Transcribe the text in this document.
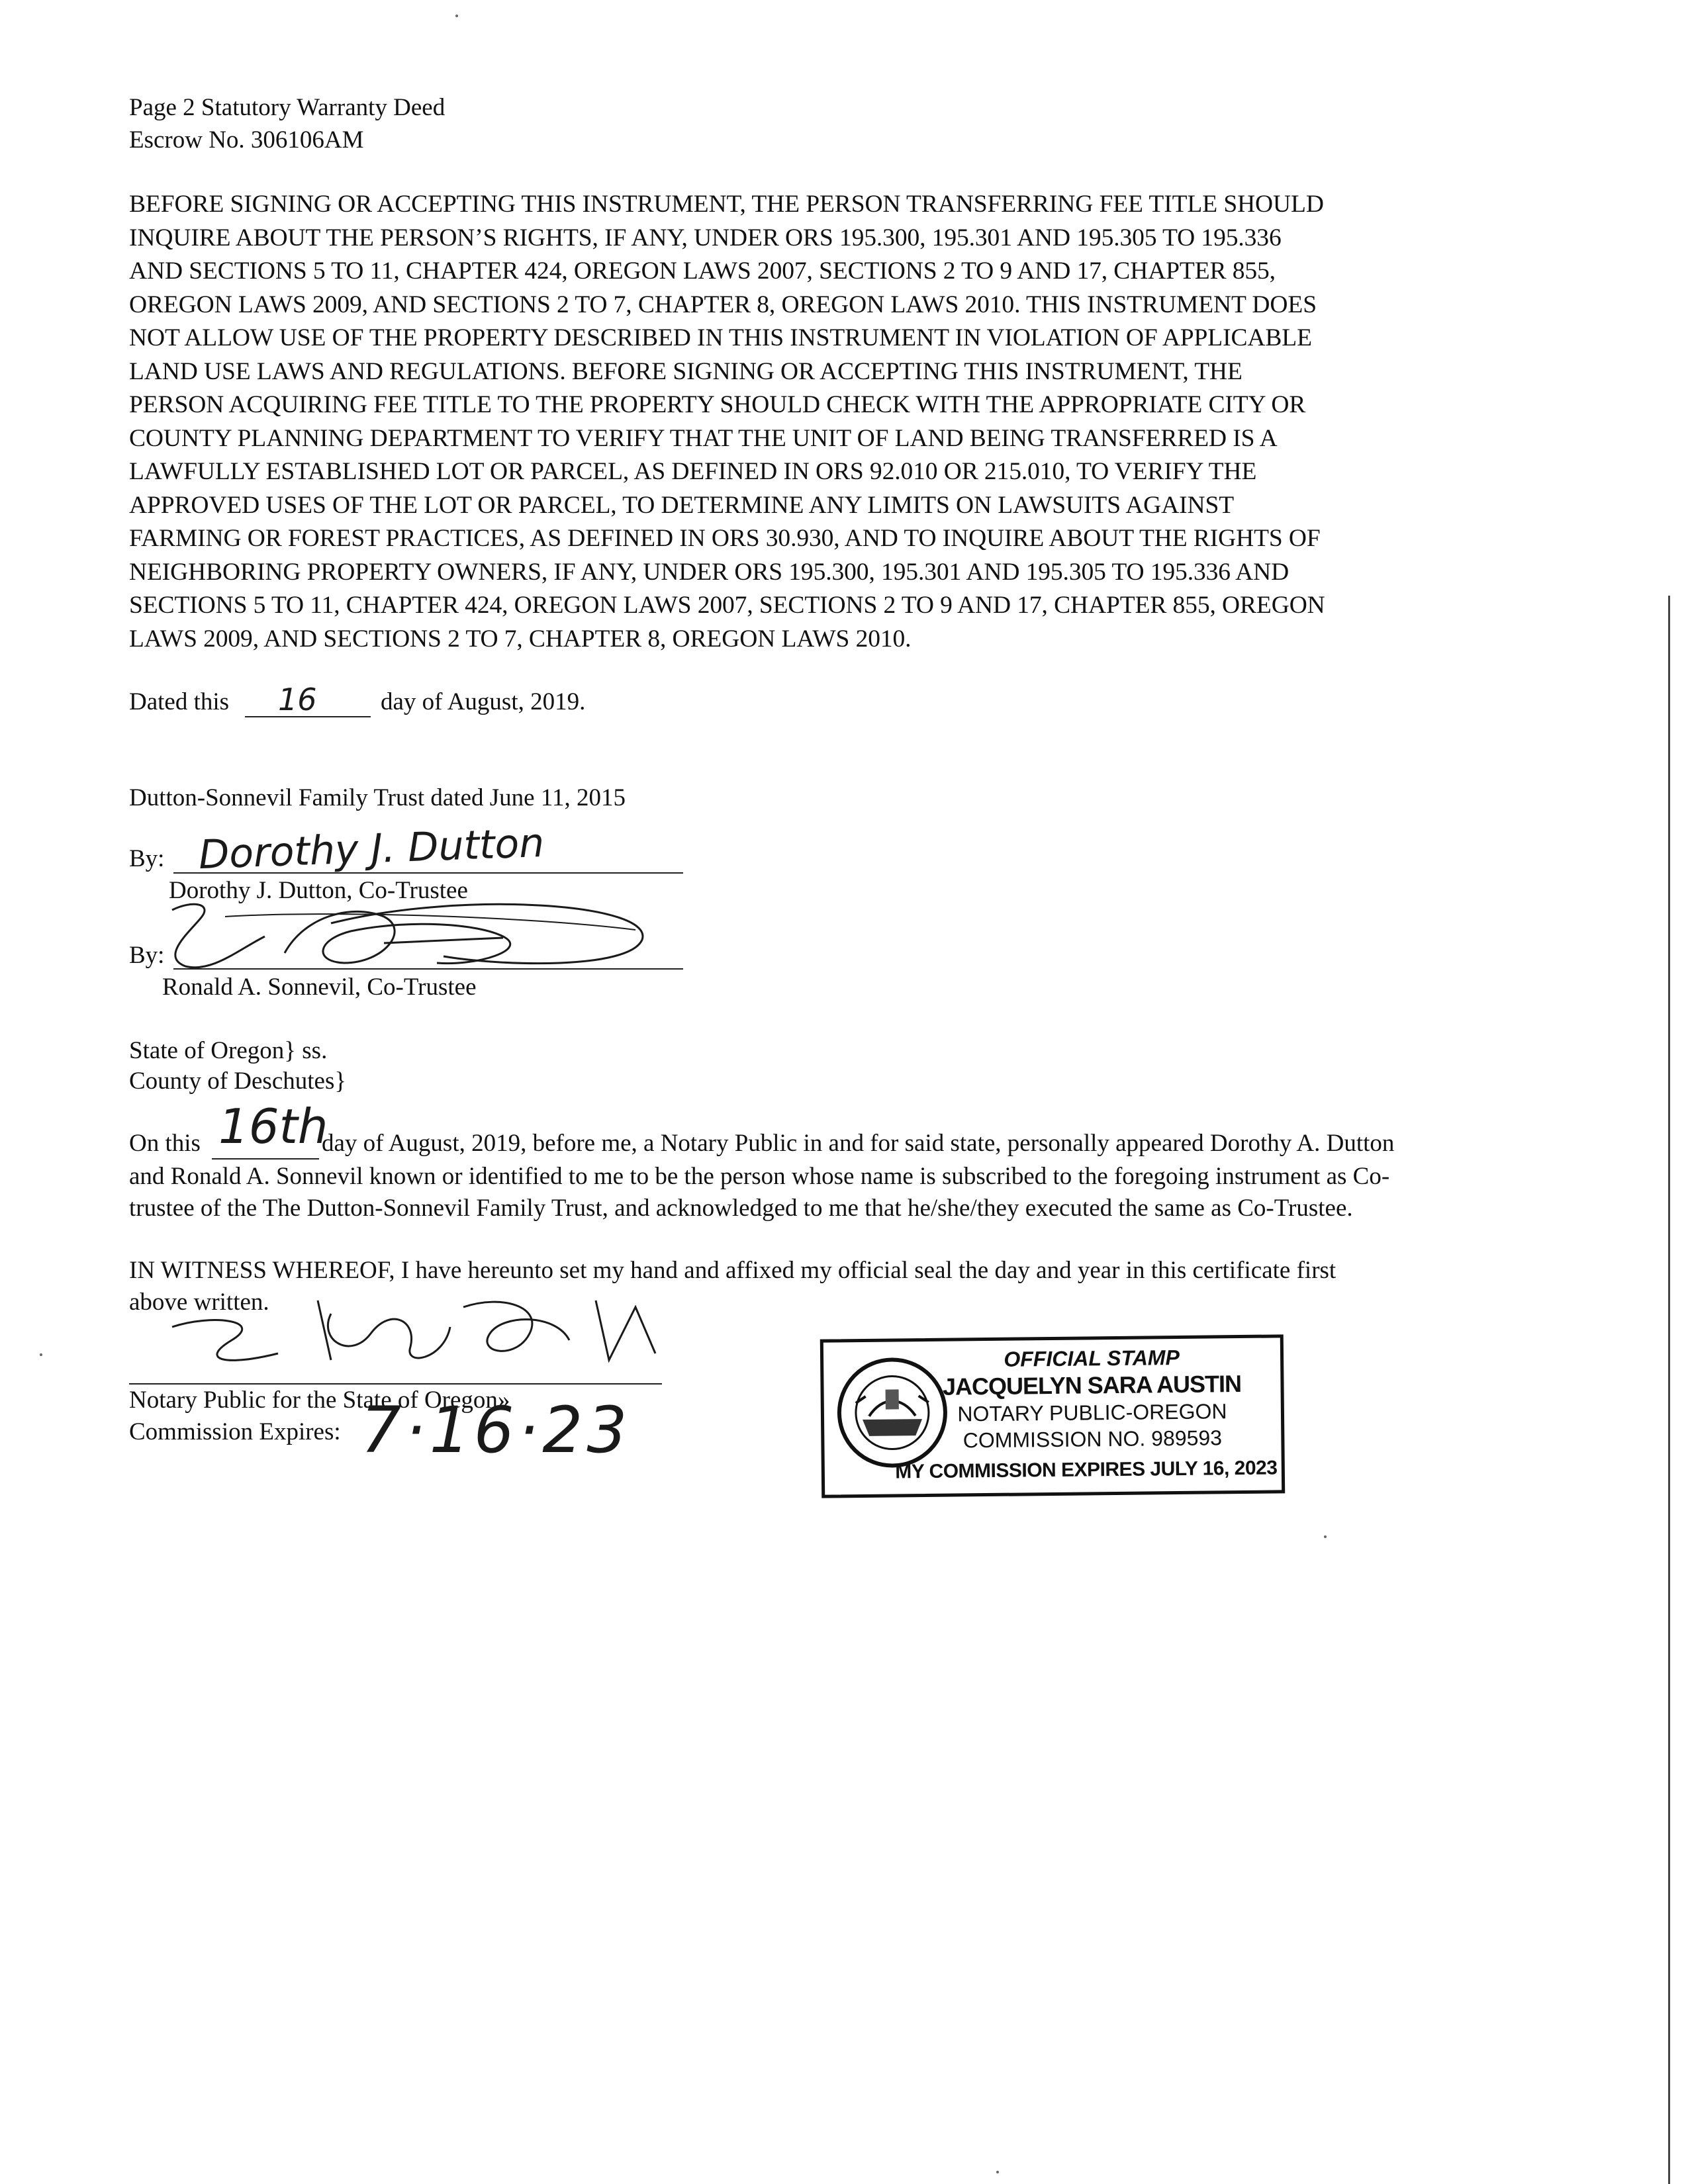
Page 2 Statutory Warranty Deed
Escrow No. 306106AM
BEFORE SIGNING OR ACCEPTING THIS INSTRUMENT, THE PERSON TRANSFERRING FEE TITLE SHOULD
INQUIRE ABOUT THE PERSON’S RIGHTS, IF ANY, UNDER ORS 195.300, 195.301 AND 195.305 TO 195.336
AND SECTIONS 5 TO 11, CHAPTER 424, OREGON LAWS 2007, SECTIONS 2 TO 9 AND 17, CHAPTER 855,
OREGON LAWS 2009, AND SECTIONS 2 TO 7, CHAPTER 8, OREGON LAWS 2010. THIS INSTRUMENT DOES
NOT ALLOW USE OF THE PROPERTY DESCRIBED IN THIS INSTRUMENT IN VIOLATION OF APPLICABLE
LAND USE LAWS AND REGULATIONS. BEFORE SIGNING OR ACCEPTING THIS INSTRUMENT, THE
PERSON ACQUIRING FEE TITLE TO THE PROPERTY SHOULD CHECK WITH THE APPROPRIATE CITY OR
COUNTY PLANNING DEPARTMENT TO VERIFY THAT THE UNIT OF LAND BEING TRANSFERRED IS A
LAWFULLY ESTABLISHED LOT OR PARCEL, AS DEFINED IN ORS 92.010 OR 215.010, TO VERIFY THE
APPROVED USES OF THE LOT OR PARCEL, TO DETERMINE ANY LIMITS ON LAWSUITS AGAINST
FARMING OR FOREST PRACTICES, AS DEFINED IN ORS 30.930, AND TO INQUIRE ABOUT THE RIGHTS OF
NEIGHBORING PROPERTY OWNERS, IF ANY, UNDER ORS 195.300, 195.301 AND 195.305 TO 195.336 AND
SECTIONS 5 TO 11, CHAPTER 424, OREGON LAWS 2007, SECTIONS 2 TO 9 AND 17, CHAPTER 855, OREGON
LAWS 2009, AND SECTIONS 2 TO 7, CHAPTER 8, OREGON LAWS 2010.
Dated this 16	day of August, 2019.
Dutton-Sonnevil Family Trust dated June 11, 2015
By: Dorothy J. Dutton
Dorothy J. Dutton, Co-Trustee
By:
Ronald A. Sonnevil, Co-Trustee
State of Oregon} ss.
County of Deschutes}
On this 16th
day of August, 2019, before me, a Notary Public in and for said state, personally appeared Dorothy A. Dutton
and Ronald A. Sonnevil known or identified to me to be the person whose name is subscribed to the foregoing instrument as Co-
trustee of the The Dutton-Sonnevil Family Trust, and acknowledged to me that he/she/they executed the same as Co-Trustee.
IN WITNESS WHEREOF, I have hereunto set my hand and affixed my official seal the day and year in this certificate first
above written.
Notary Public for the State of Oregon»
Commission Expires: 7·16·23
OFFICIAL STAMP
JACQUELYN SARA AUSTIN
NOTARY PUBLIC-OREGON
COMMISSION NO. 989593
MY COMMISSION EXPIRES JULY 16, 2023
